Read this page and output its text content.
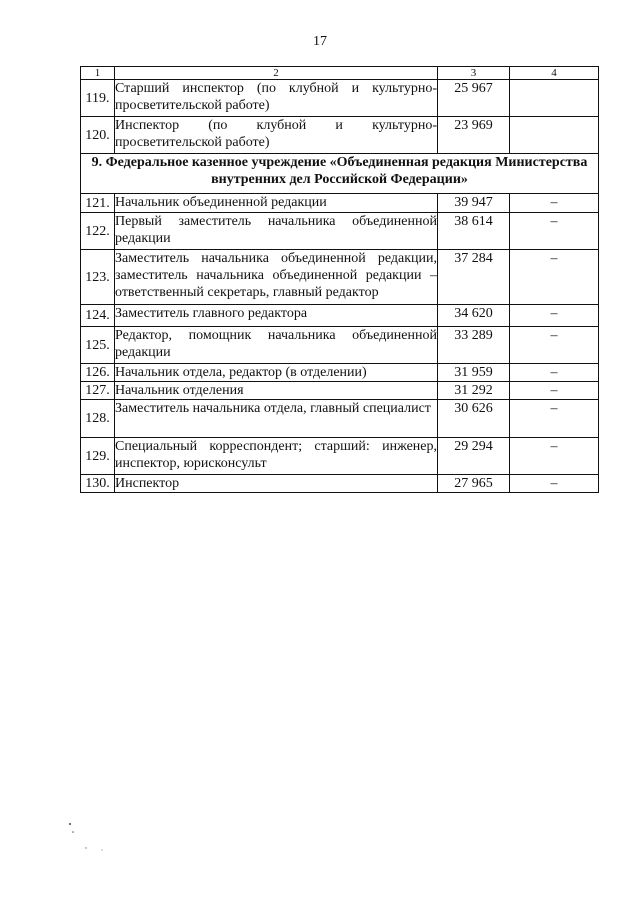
17
1	2	3	4
119.	Старший инспектор (по клубной и культурно-просветительской работе)	25 967	
120.	Инспектор (по клубной и культурно-просветительской работе)	23 969	
9. Федеральное казенное учреждение «Объединенная редакция Министерства внутренних дел Российской Федерации»			
121.	Начальник объединенной редакции	39 947	–
122.	Первый заместитель начальника объединенной редакции	38 614	–
123.	Заместитель начальника объединенной редакции, заместитель начальника объединенной редакции – ответственный секретарь, главный редактор	37 284	–
124.	Заместитель главного редактора	34 620	–
125.	Редактор, помощник начальника объединенной редакции	33 289	–
126.	Начальник отдела, редактор (в отделении)	31 959	–
127.	Начальник отделения	31 292	–
128.	Заместитель начальника отдела, главный специалист	30 626	–
129.	Специальный корреспондент; старший: инженер, инспектор, юрисконсульт	29 294	–
130.	Инспектор	27 965	–
